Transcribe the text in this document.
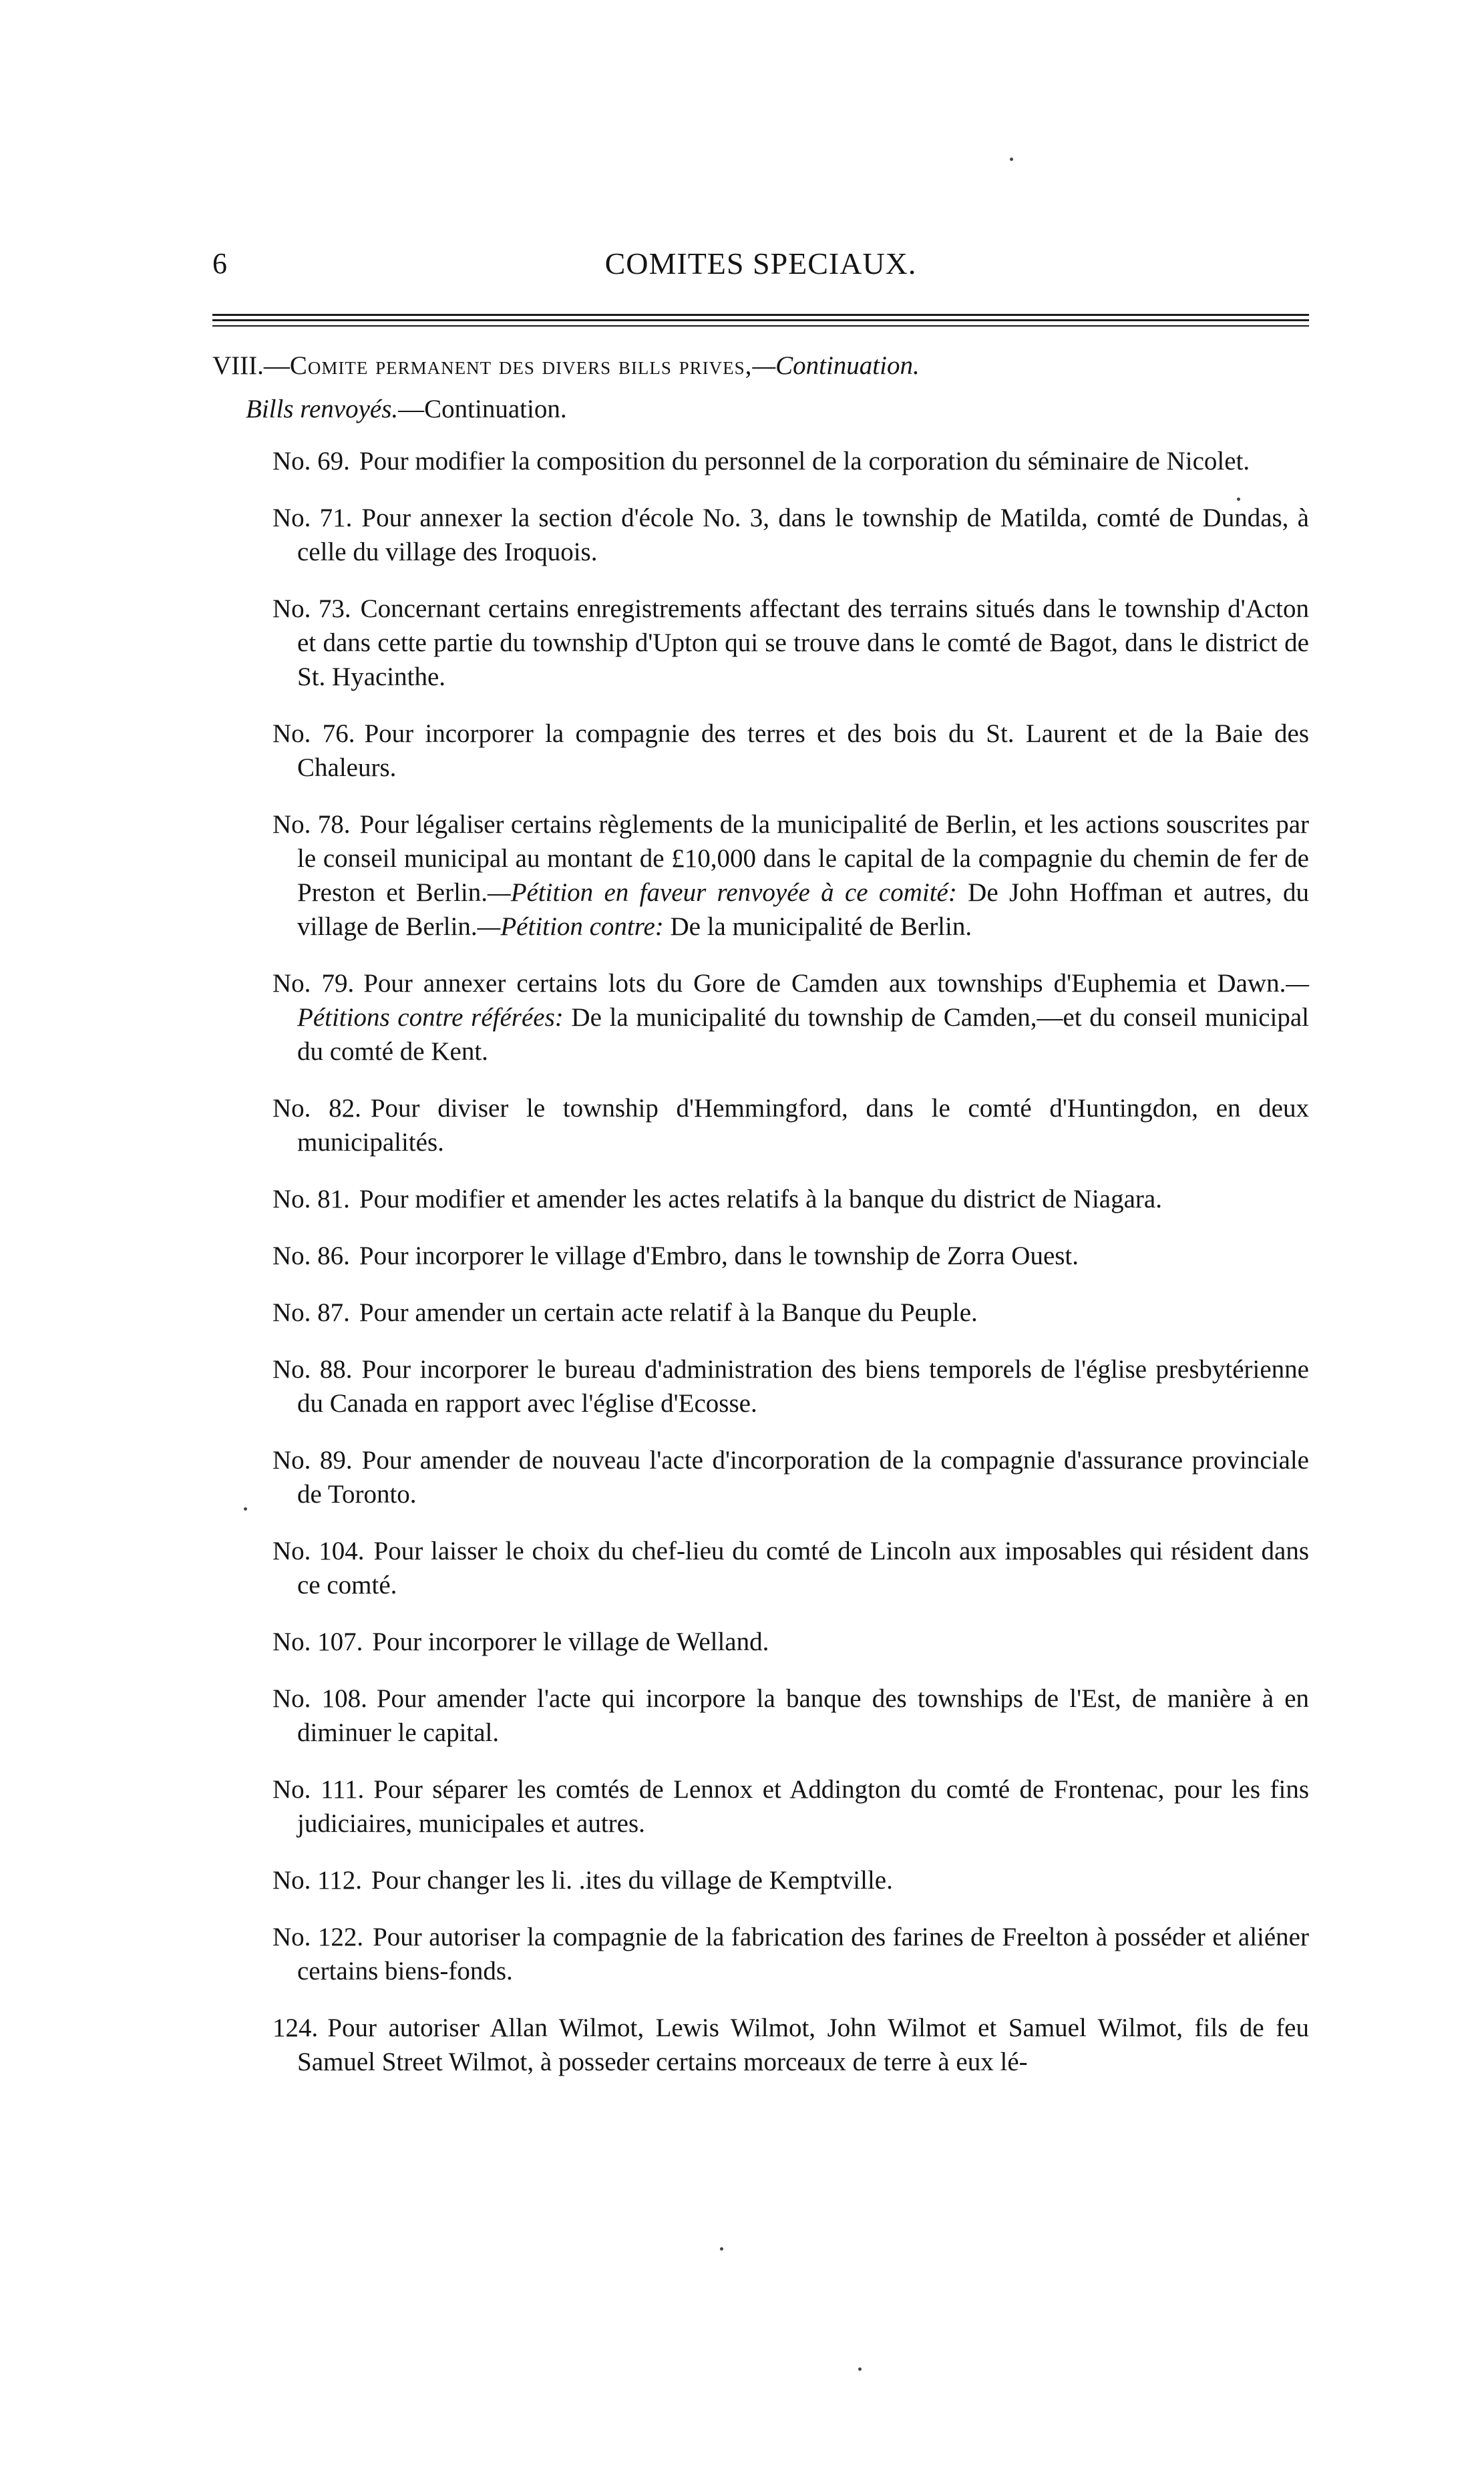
6	COMITES SPECIAUX.
VIII.—Comite permanent des divers bills prives,—Continuation.
Bills renvoyés.—Continuation.
No. 69. Pour modifier la composition du personnel de la corporation du séminaire de Nicolet.
No. 71. Pour annexer la section d'école No. 3, dans le township de Matilda, comté de Dundas, à celle du village des Iroquois.
No. 73. Concernant certains enregistrements affectant des terrains situés dans le township d'Acton et dans cette partie du township d'Upton qui se trouve dans le comté de Bagot, dans le district de St. Hyacinthe.
No. 76. Pour incorporer la compagnie des terres et des bois du St. Laurent et de la Baie des Chaleurs.
No. 78. Pour légaliser certains règlements de la municipalité de Berlin, et les actions souscrites par le conseil municipal au montant de £10,000 dans le capital de la compagnie du chemin de fer de Preston et Berlin.—Pétition en faveur renvoyée à ce comité: De John Hoffman et autres, du village de Berlin.—Pétition contre: De la municipalité de Berlin.
No. 79. Pour annexer certains lots du Gore de Camden aux townships d'Euphemia et Dawn.—Pétitions contre référées: De la municipalité du township de Camden,—et du conseil municipal du comté de Kent.
No. 82. Pour diviser le township d'Hemmingford, dans le comté d'Huntingdon, en deux municipalités.
No. 81. Pour modifier et amender les actes relatifs à la banque du district de Niagara.
No. 86. Pour incorporer le village d'Embro, dans le township de Zorra Ouest.
No. 87. Pour amender un certain acte relatif à la Banque du Peuple.
No. 88. Pour incorporer le bureau d'administration des biens temporels de l'église presbytérienne du Canada en rapport avec l'église d'Ecosse.
No. 89. Pour amender de nouveau l'acte d'incorporation de la compagnie d'assurance provinciale de Toronto.
No. 104. Pour laisser le choix du chef-lieu du comté de Lincoln aux imposables qui résident dans ce comté.
No. 107. Pour incorporer le village de Welland.
No. 108. Pour amender l'acte qui incorpore la banque des townships de l'Est, de manière à en diminuer le capital.
No. 111. Pour séparer les comtés de Lennox et Addington du comté de Frontenac, pour les fins judiciaires, municipales et autres.
No. 112. Pour changer les li. .ites du village de Kemptville.
No. 122. Pour autoriser la compagnie de la fabrication des farines de Freelton à posséder et aliéner certains biens-fonds.
124. Pour autoriser Allan Wilmot, Lewis Wilmot, John Wilmot et Samuel Wilmot, fils de feu Samuel Street Wilmot, à posseder certains morceaux de terre à eux lé-
